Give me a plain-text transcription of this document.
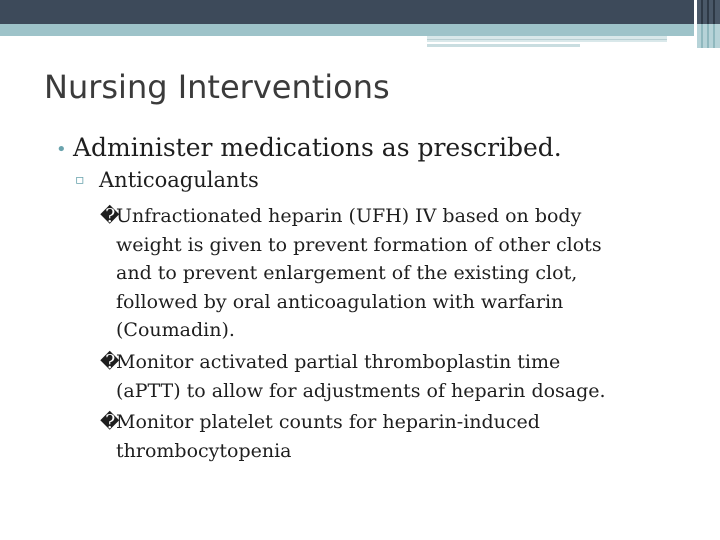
Nursing Interventions
• Administer medications as prescribed.
▫ Anticoagulants
�Unfractionated heparin (UFH) IV based on body
weight is given to prevent formation of other clots
and to prevent enlargement of the existing clot,
followed by oral anticoagulation with warfarin
(Coumadin).
�Monitor activated partial thromboplastin time
(aPTT) to allow for adjustments of heparin dosage.
�Monitor platelet counts for heparin-induced
thrombocytopenia
